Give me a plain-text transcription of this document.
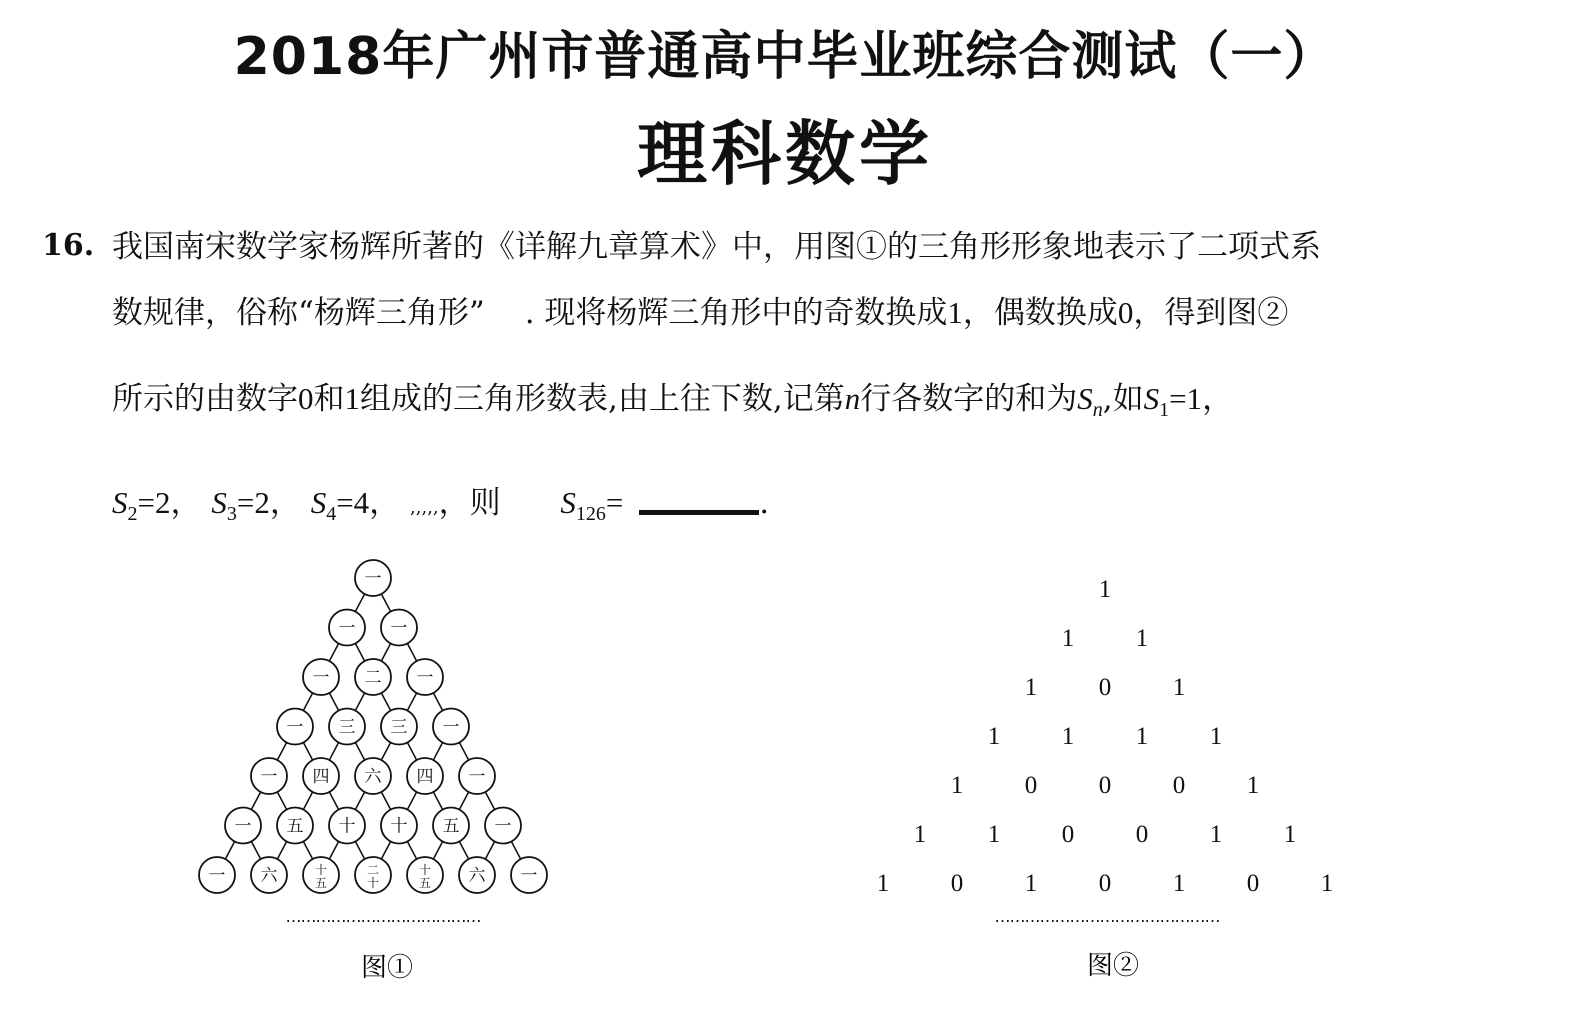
2018年广州市普通高中毕业班综合测试（一）
理科数学
16. 我国南宋数学家杨辉所著的《详解九章算术》中，用图①的三角形形象地表示了二项式系
数规律，俗称“杨辉三角形” . 现将杨辉三角形中的奇数换成1，偶数换成0，得到图②
所示的由数字0和1组成的三角形数表,由上往下数,记第n行各数字的和为$S_n$,如$S_1=1$，
$S_2=2$， $S_3=2$， $S_4=4$， ,,,,,，则 $S_{126}=$	.
一
一 一
一 二 一
一 三 三 一
一 四 六 四 一
一 五 十 十 五 一
一 六	十
五
二
十
十
五 六 一
…………………………………
图①
1
1 1
1 0 1
1 1 1 1
1 0 0 0 1
1 1 0 0 1 1
1 0 1 0 1 0 1
………………………………………
图②
